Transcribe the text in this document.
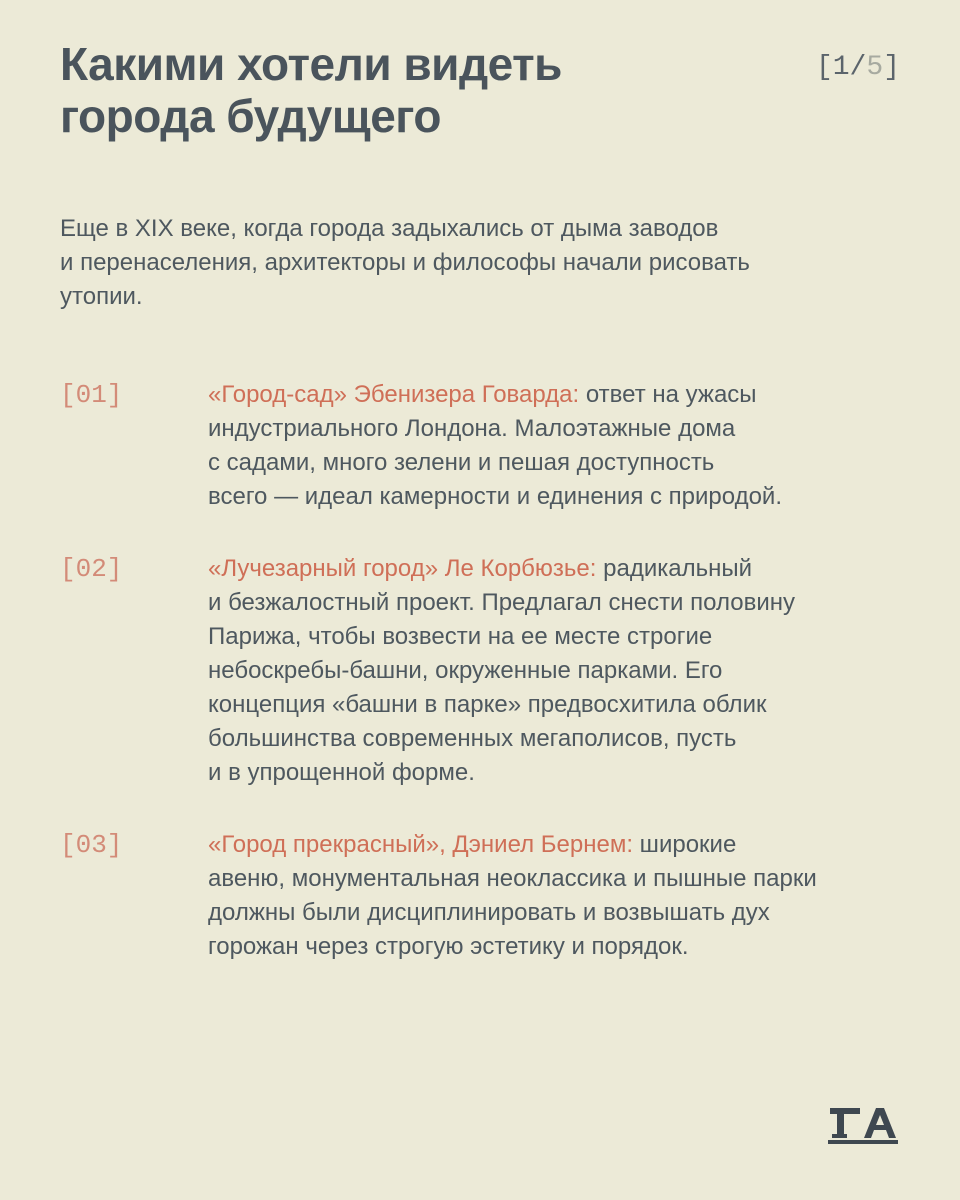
Какими хотели видеть
города будущего
[1/5]
Еще в XIX веке, когда города задыхались от дыма заводов
и перенаселения, архитекторы и философы начали рисовать
утопии.
[01]	«Город-сад» Эбенизера Говарда: ответ на ужасы
индустриального Лондона. Малоэтажные дома
с садами, много зелени и пешая доступность
всего — идеал камерности и единения с природой.
[02]	«Лучезарный город» Ле Корбюзье: радикальный
и безжалостный проект. Предлагал снести половину
Парижа, чтобы возвести на ее месте строгие
небоскребы-башни, окруженные парками. Его
концепция «башни в парке» предвосхитила облик
большинства современных мегаполисов, пусть
и в упрощенной форме.
[03]	«Город прекрасный», Дэниел Бернем: широкие
авеню, монументальная неоклассика и пышные парки
должны были дисциплинировать и возвышать дух
горожан через строгую эстетику и порядок.
